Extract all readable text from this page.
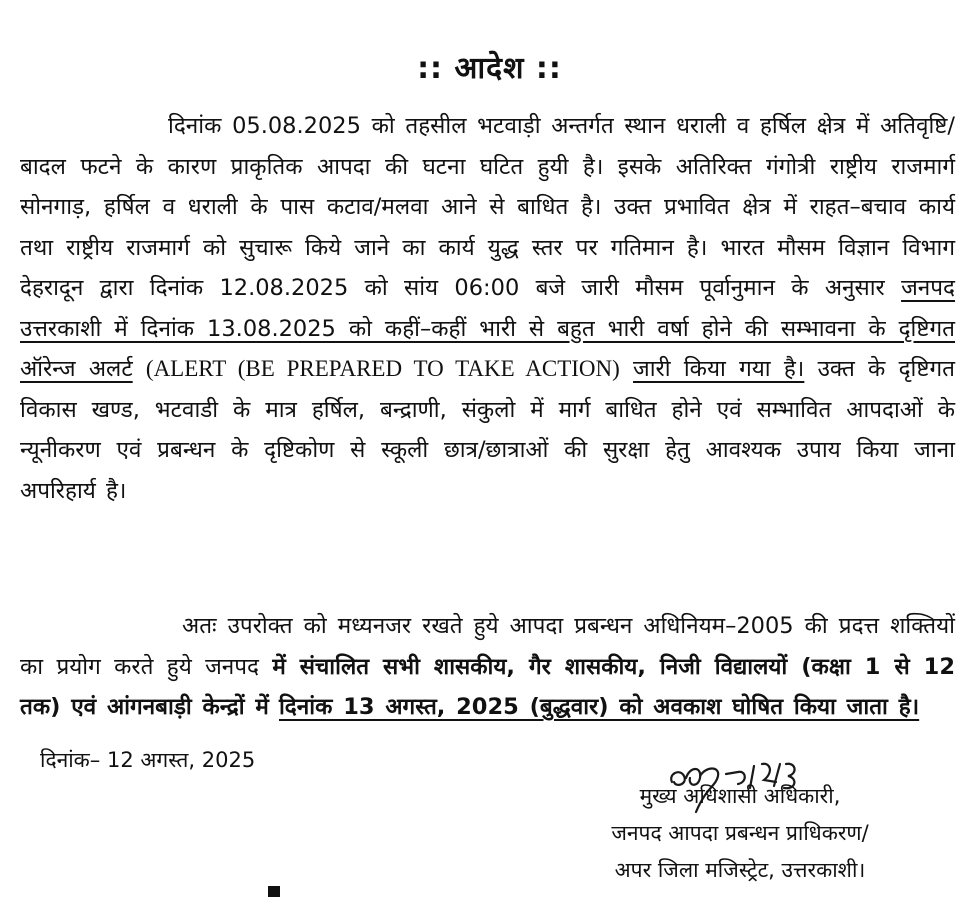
:: आदेश ::
दिनांक 05.08.2025 को तहसील भटवाड़ी अन्तर्गत स्थान धराली व हर्षिल क्षेत्र में अतिवृष्टि/बादल फटने के कारण प्राकृतिक आपदा की घटना घटित हुयी है। इसके अतिरिक्त गंगोत्री राष्ट्रीय राजमार्ग सोनगाड़, हर्षिल व धराली के पास कटाव/मलवा आने से बाधित है। उक्त प्रभावित क्षेत्र में राहत–बचाव कार्य तथा राष्ट्रीय राजमार्ग को सुचारू किये जाने का कार्य युद्ध स्तर पर गतिमान है। भारत मौसम विज्ञान विभाग देहरादून द्वारा दिनांक 12.08.2025 को सांय 06:00 बजे जारी मौसम पूर्वानुमान के अनुसार जनपद उत्तरकाशी में दिनांक 13.08.2025 को कहीं–कहीं भारी से बहुत भारी वर्षा होने की सम्भावना के दृष्टिगत ऑरेन्ज अलर्ट (ALERT (BE PREPARED TO TAKE ACTION) जारी किया गया है। उक्त के दृष्टिगत विकास खण्ड, भटवाडी के मात्र हर्षिल, बन्द्राणी, संकुलो में मार्ग बाधित होने एवं सम्भावित आपदाओं के न्यूनीकरण एवं प्रबन्धन के दृष्टिकोण से स्कूली छात्र/छात्राओं की सुरक्षा हेतु आवश्यक उपाय किया जाना अपरिहार्य है।
अतः उपरोक्त को मध्यनजर रखते हुये आपदा प्रबन्धन अधिनियम–2005 की प्रदत्त शक्तियों का प्रयोग करते हुये जनपद में संचालित सभी शासकीय, गैर शासकीय, निजी विद्यालयों (कक्षा 1 से 12 तक) एवं आंगनबाड़ी केन्द्रों में दिनांक 13 अगस्त, 2025 (बुद्धवार) को अवकाश घोषित किया जाता है।
दिनांक– 12 अगस्त, 2025
मुख्य अधिशासी अधिकारी,
जनपद आपदा प्रबन्धन प्राधिकरण/
अपर जिला मजिस्ट्रेट, उत्तरकाशी।
